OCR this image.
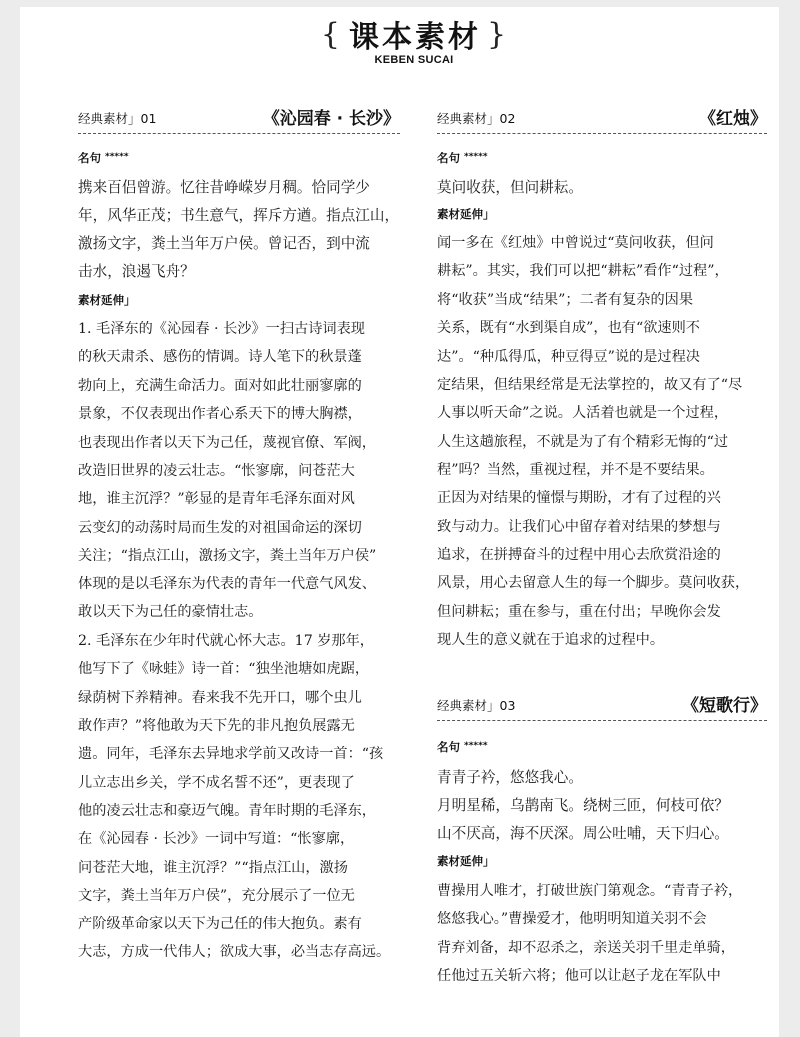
{ 课本素材 }
KEBEN SUCAI
经典素材」01	《沁园春 · 长沙》
名句 *****
携来百侣曾游。忆往昔峥嵘岁月稠。恰同学少
年，风华正茂；书生意气，挥斥方遒。指点江山，
激扬文字，粪土当年万户侯。曾记否，到中流
击水，浪遏飞舟？
素材延伸」
1. 毛泽东的《沁园春 · 长沙》一扫古诗词表现
的秋天肃杀、感伤的情调。诗人笔下的秋景蓬
勃向上，充满生命活力。面对如此壮丽寥廓的
景象，不仅表现出作者心系天下的博大胸襟，
也表现出作者以天下为己任，蔑视官僚、军阀，
改造旧世界的凌云壮志。“怅寥廓，问苍茫大
地，谁主沉浮？”彰显的是青年毛泽东面对风
云变幻的动荡时局而生发的对祖国命运的深切
关注；“指点江山，激扬文字，粪土当年万户侯”
体现的是以毛泽东为代表的青年一代意气风发、
敢以天下为己任的豪情壮志。
2. 毛泽东在少年时代就心怀大志。17 岁那年，
他写下了《咏蛙》诗一首：“独坐池塘如虎踞，
绿荫树下养精神。春来我不先开口，哪个虫儿
敢作声？”将他敢为天下先的非凡抱负展露无
遗。同年，毛泽东去异地求学前又改诗一首：“孩
儿立志出乡关，学不成名誓不还”，更表现了
他的凌云壮志和豪迈气魄。青年时期的毛泽东，
在《沁园春 · 长沙》一词中写道：“怅寥廓，
问苍茫大地，谁主沉浮？”“指点江山，激扬
文字，粪土当年万户侯”，充分展示了一位无
产阶级革命家以天下为己任的伟大抱负。素有
大志，方成一代伟人；欲成大事，必当志存高远。
经典素材」02	《红烛》
名句 *****
莫问收获，但问耕耘。
素材延伸」
闻一多在《红烛》中曾说过“莫问收获，但问
耕耘”。其实，我们可以把“耕耘”看作“过程”，
将“收获”当成“结果”；二者有复杂的因果
关系，既有“水到渠自成”，也有“欲速则不
达”。“种瓜得瓜，种豆得豆”说的是过程决
定结果，但结果经常是无法掌控的，故又有了“尽
人事以听天命”之说。人活着也就是一个过程，
人生这趟旅程，不就是为了有个精彩无悔的“过
程”吗？当然，重视过程，并不是不要结果。
正因为对结果的憧憬与期盼，才有了过程的兴
致与动力。让我们心中留存着对结果的梦想与
追求，在拼搏奋斗的过程中用心去欣赏沿途的
风景，用心去留意人生的每一个脚步。莫问收获，
但问耕耘；重在参与，重在付出；早晚你会发
现人生的意义就在于追求的过程中。
经典素材」03	《短歌行》
名句 *****
青青子衿，悠悠我心。
月明星稀，乌鹊南飞。绕树三匝，何枝可依？
山不厌高，海不厌深。周公吐哺，天下归心。
素材延伸」
曹操用人唯才，打破世族门第观念。“青青子衿，
悠悠我心。”曹操爱才，他明明知道关羽不会
背弃刘备，却不忍杀之，亲送关羽千里走单骑，
任他过五关斩六将；他可以让赵子龙在军队中
